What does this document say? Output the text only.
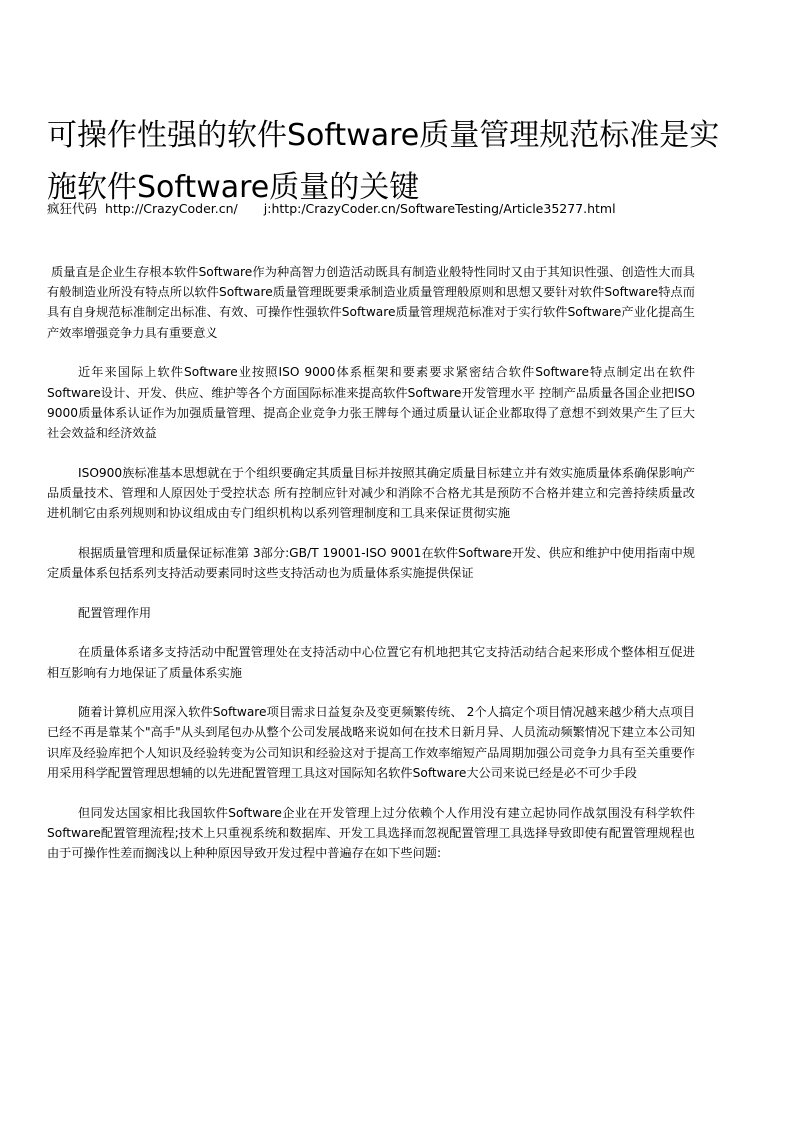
可操作性强的软件Software质量管理规范标准是实施软件Software质量的关键
疯狂代码 http://CrazyCoder.cn/ j:http:/CrazyCoder.cn/SoftwareTesting/Article35277.html

质量直是企业生存根本软件Software作为种高智力创造活动既具有制造业般特性同时又由于其知识性强、创造性大而具有般制造业所没有特点所以软件Software质量管理既要秉承制造业质量管理般原则和思想又要针对软件Software特点而具有自身规范标准制定出标准、有效、可操作性强软件Software质量管理规范标准对于实行软件Software产业化提高生产效率增强竞争力具有重要意义

近年来国际上软件Software业按照ISO 9000体系框架和要素要求紧密结合软件Software特点制定出在软件Software设计、开发、供应、维护等各个方面国际标准来提高软件Software开发管理水平 控制产品质量各国企业把ISO 9000质量体系认证作为加强质量管理、提高企业竞争力张王牌每个通过质量认证企业都取得了意想不到效果产生了巨大社会效益和经济效益

ISO900族标准基本思想就在于个组织要确定其质量目标并按照其确定质量目标建立并有效实施质量体系确保影响产品质量技术、管理和人原因处于受控状态 所有控制应针对减少和消除不合格尤其是预防不合格并建立和完善持续质量改进机制它由系列规则和协议组成由专门组织机构以系列管理制度和工具来保证贯彻实施

根据质量管理和质量保证标准第 3部分:GB/T 19001-ISO 9001在软件Software开发、供应和维护中使用指南中规定质量体系包括系列支持活动要素同时这些支持活动也为质量体系实施提供保证

配置管理作用

在质量体系诸多支持活动中配置管理处在支持活动中心位置它有机地把其它支持活动结合起来形成个整体相互促进相互影响有力地保证了质量体系实施

随着计算机应用深入软件Software项目需求日益复杂及变更频繁传统、 2个人搞定个项目情况越来越少稍大点项目已经不再是靠某个"高手"从头到尾包办从整个公司发展战略来说如何在技术日新月异、人员流动频繁情况下建立本公司知识库及经验库把个人知识及经验转变为公司知识和经验这对于提高工作效率缩短产品周期加强公司竞争力具有至关重要作用采用科学配置管理思想辅的以先进配置管理工具这对国际知名软件Software大公司来说已经是必不可少手段

但同发达国家相比我国软件Software企业在开发管理上过分依赖个人作用没有建立起协同作战氛围没有科学软件Software配置管理流程;技术上只重视系统和数据库、开发工具选择而忽视配置管理工具选择导致即使有配置管理规程也由于可操作性差而搁浅以上种种原因导致开发过程中普遍存在如下些问题:
